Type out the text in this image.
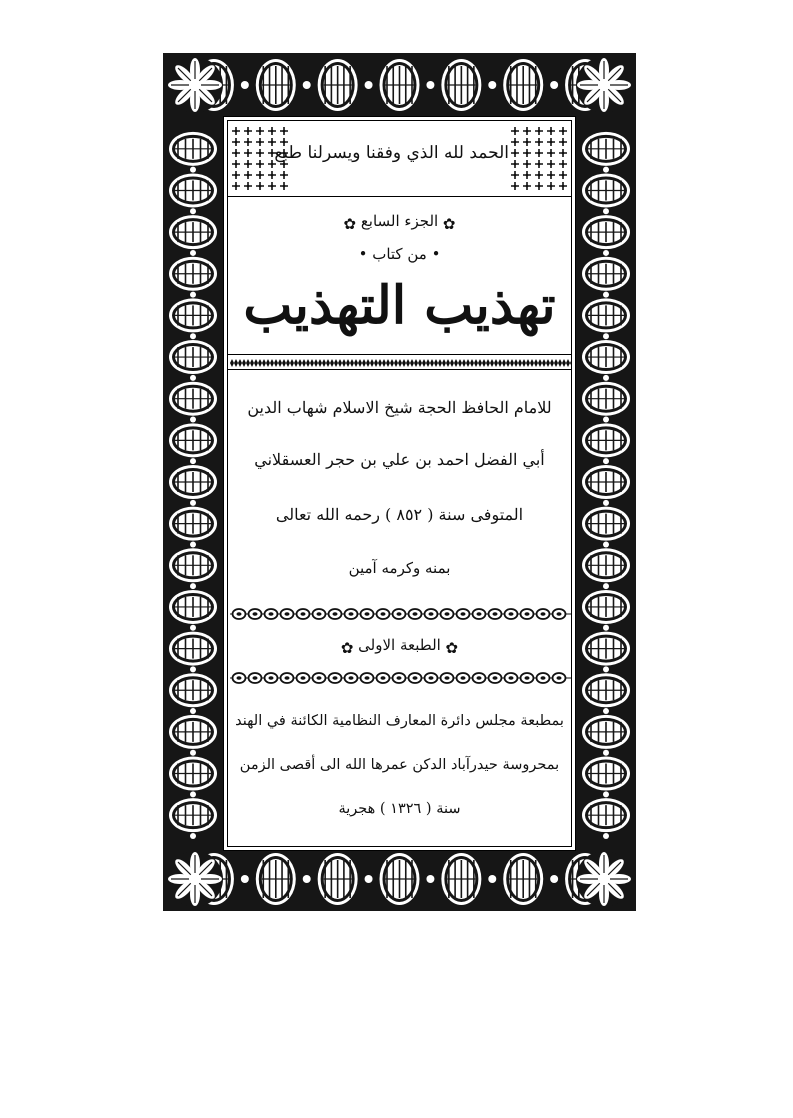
الحمد لله الذي وفقنا ويسرلنا طبع
✿الجزء السابع✿
• من كتاب •
تهذيب التهذيب
للامام الحافظ الحجة شيخ الاسلام شهاب الدين
أبي الفضل احمد بن علي بن حجر العسقلاني
المتوفى سنة ( ٨٥٢ ) رحمه الله تعالى
بمنه وكرمه آمين
✿الطبعة الاولى✿
بمطبعة مجلس دائرة المعارف النظامية الكائنة في الهند
بمحروسة حيدرآباد الدكن عمرها الله الى أقصى الزمن
سنة ( ١٣٢٦ ) هجرية
